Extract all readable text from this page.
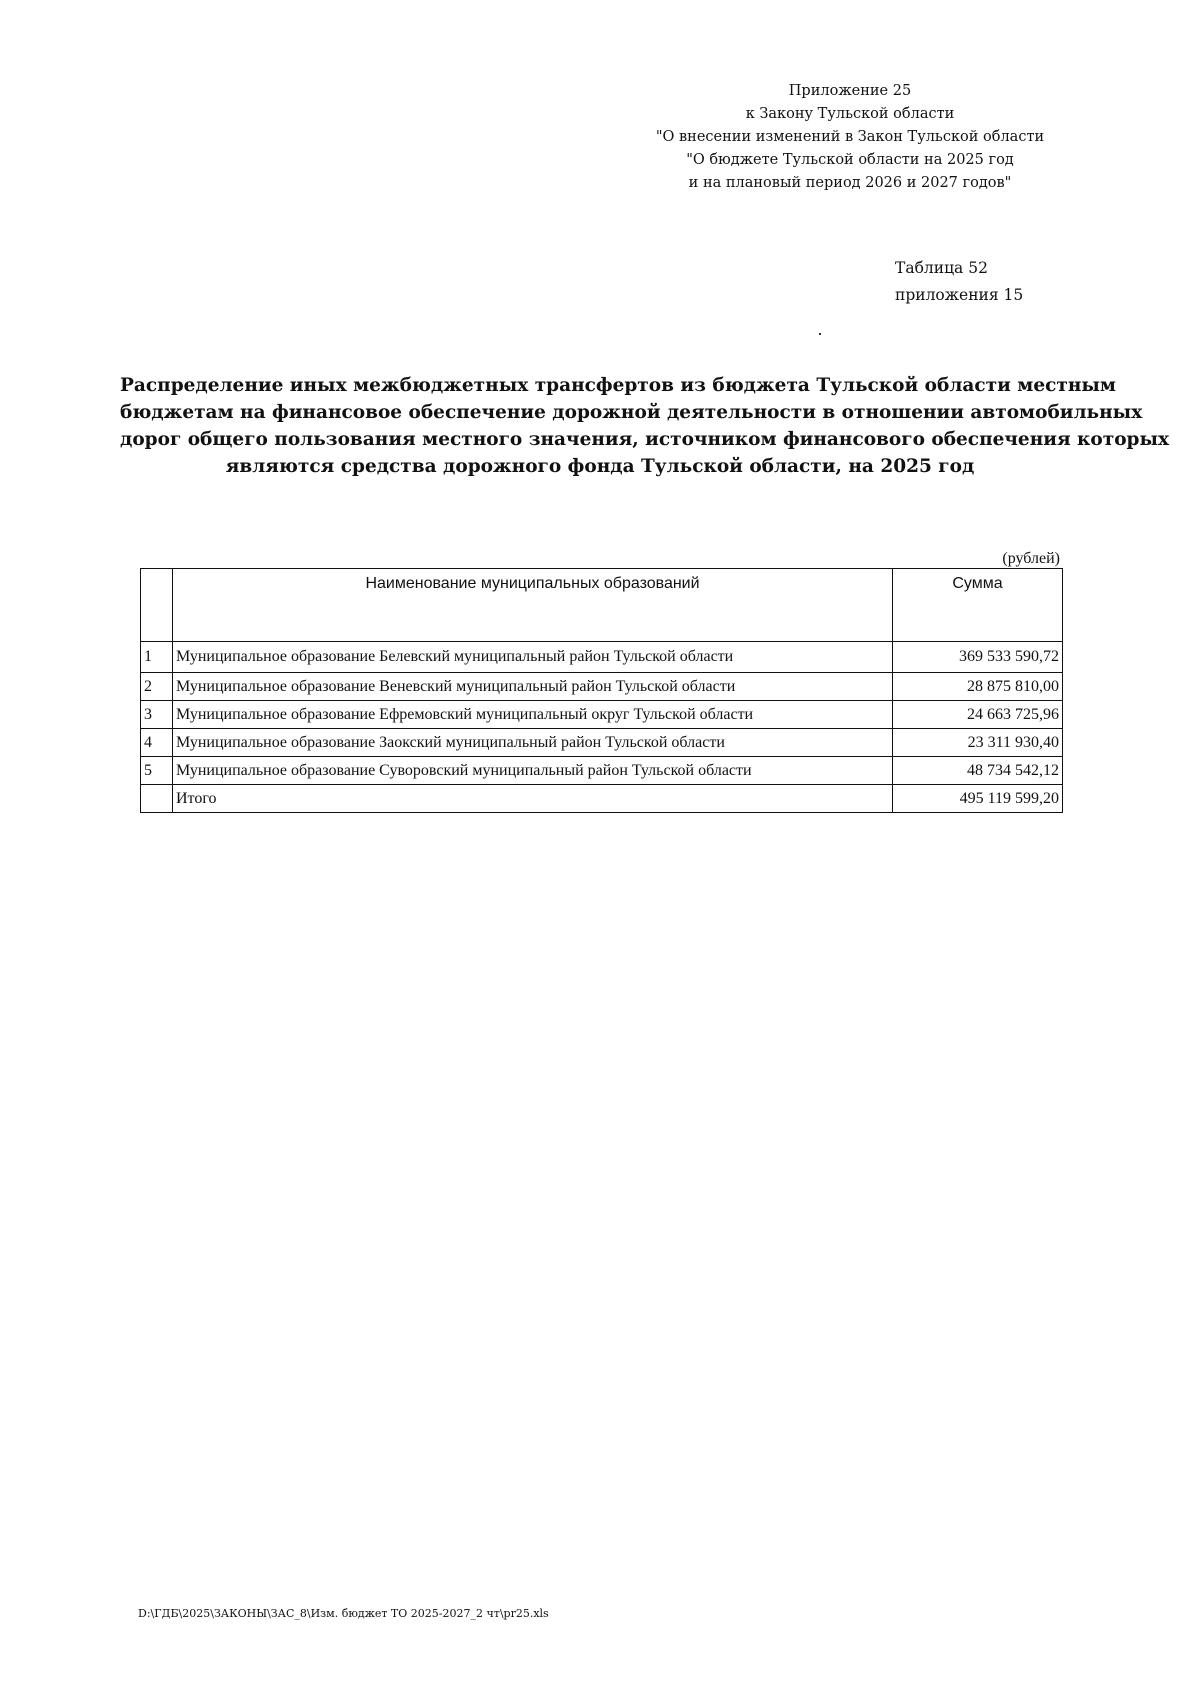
Приложение 25
к Закону Тульской области
"О внесении изменений в Закон Тульской области
"О бюджете Тульской области на 2025 год
и на плановый период 2026 и 2027 годов"
Таблица 52
приложения 15
Распределение иных межбюджетных трансфертов из бюджета Тульской области местным
бюджетам на финансовое обеспечение дорожной деятельности в отношении автомобильных
дорог общего пользования местного значения, источником финансового обеспечения которых
являются средства дорожного фонда Тульской области, на 2025 год
(рублей)
	Наименование муниципальных образований	Сумма
1	Муниципальное образование Белевский муниципальный район Тульской области	369 533 590,72
2	Муниципальное образование Веневский муниципальный район Тульской области	28 875 810,00
3	Муниципальное образование Ефремовский муниципальный округ Тульской области	24 663 725,96
4	Муниципальное образование Заокский муниципальный район Тульской области	23 311 930,40
5	Муниципальное образование Суворовский муниципальный район Тульской области	48 734 542,12
	Итого	495 119 599,20
D:\ГДБ\2025\ЗАКОНЫ\ЗАС_8\Изм. бюджет ТО 2025-2027_2 чт\pr25.xls
